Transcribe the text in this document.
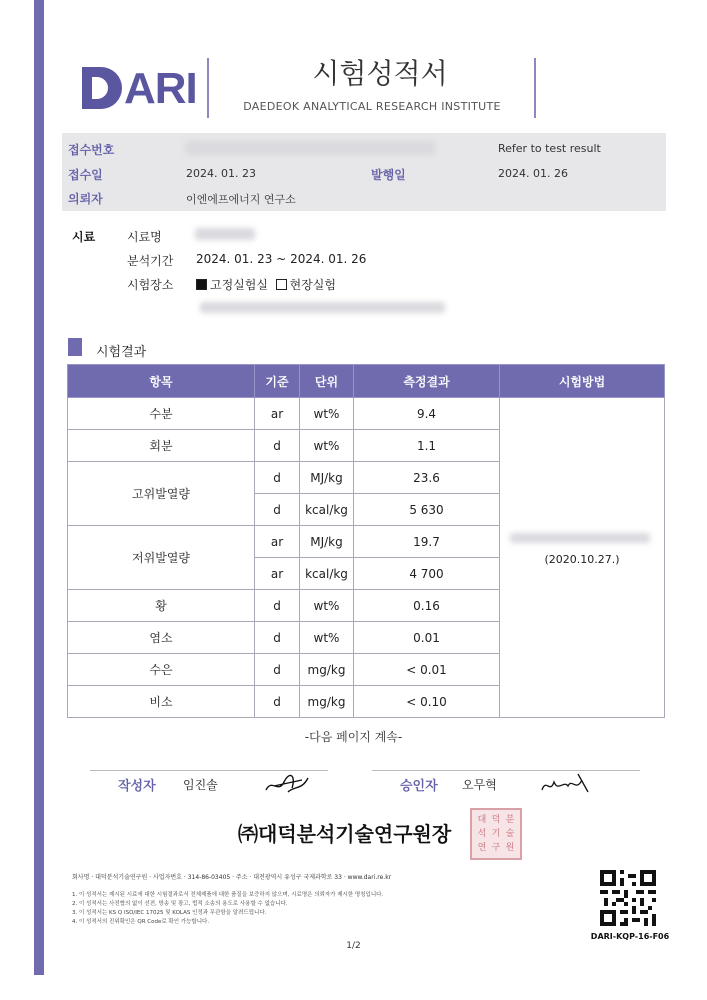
ARI	시험성적서
DAEDEOK ANALYTICAL RESEARCH INSTITUTE
접수번호	Refer to test result
접수일	2024. 01. 23	발행일	2024. 01. 26
의뢰자	이엔에프에너지 연구소
시료	시료명
분석기간 2024. 01. 23 ~ 2024. 01. 26
시험장소	고정실험실 현장실험
시험결과
항목	기준	단위	측정결과	시험방법
수분	ar	wt%	9.4	(2020.10.27.)

회분	d	wt%	1.1	
고위발열량	d	MJ/kg	23.6	
	d	kcal/kg	5 630	
저위발열량	ar	MJ/kg	19.7	
	ar	kcal/kg	4 700	
황	d	wt%	0.16	
염소	d	wt%	0.01	
수은	d	mg/kg	< 0.01	
비소	d	mg/kg	< 0.10	
-다음 페이지 계속-
작성자 임진솔	승인자 오무혁
㈜대덕분석기술연구원장
대 덕 분
석 기 술
연 구 원
회사명 · 대덕분석기술연구원 · 사업자번호 · 314-86-03405 · 주소 · 대전광역시 유성구 국제과학로 33 · www.dari.re.kr
1. 이 성적서는 제시된 시료에 대한 시험결과로서 전체제품에 대한 품질을 보증하지 않으며, 시료명은 의뢰자가 제시한 명칭입니다.
2. 이 성적서는 사전협의 없이 선전, 방송 및 광고, 법적 소송의 용도로 사용할 수 없습니다.
3. 이 성적서는 KS Q ISO/IEC 17025 및 KOLAS 인정과 무관함을 알려드립니다.
4. 이 성적서의 진위확인은 QR Code로 확인 가능합니다.
DARI-KQP-16-F06
1/2
